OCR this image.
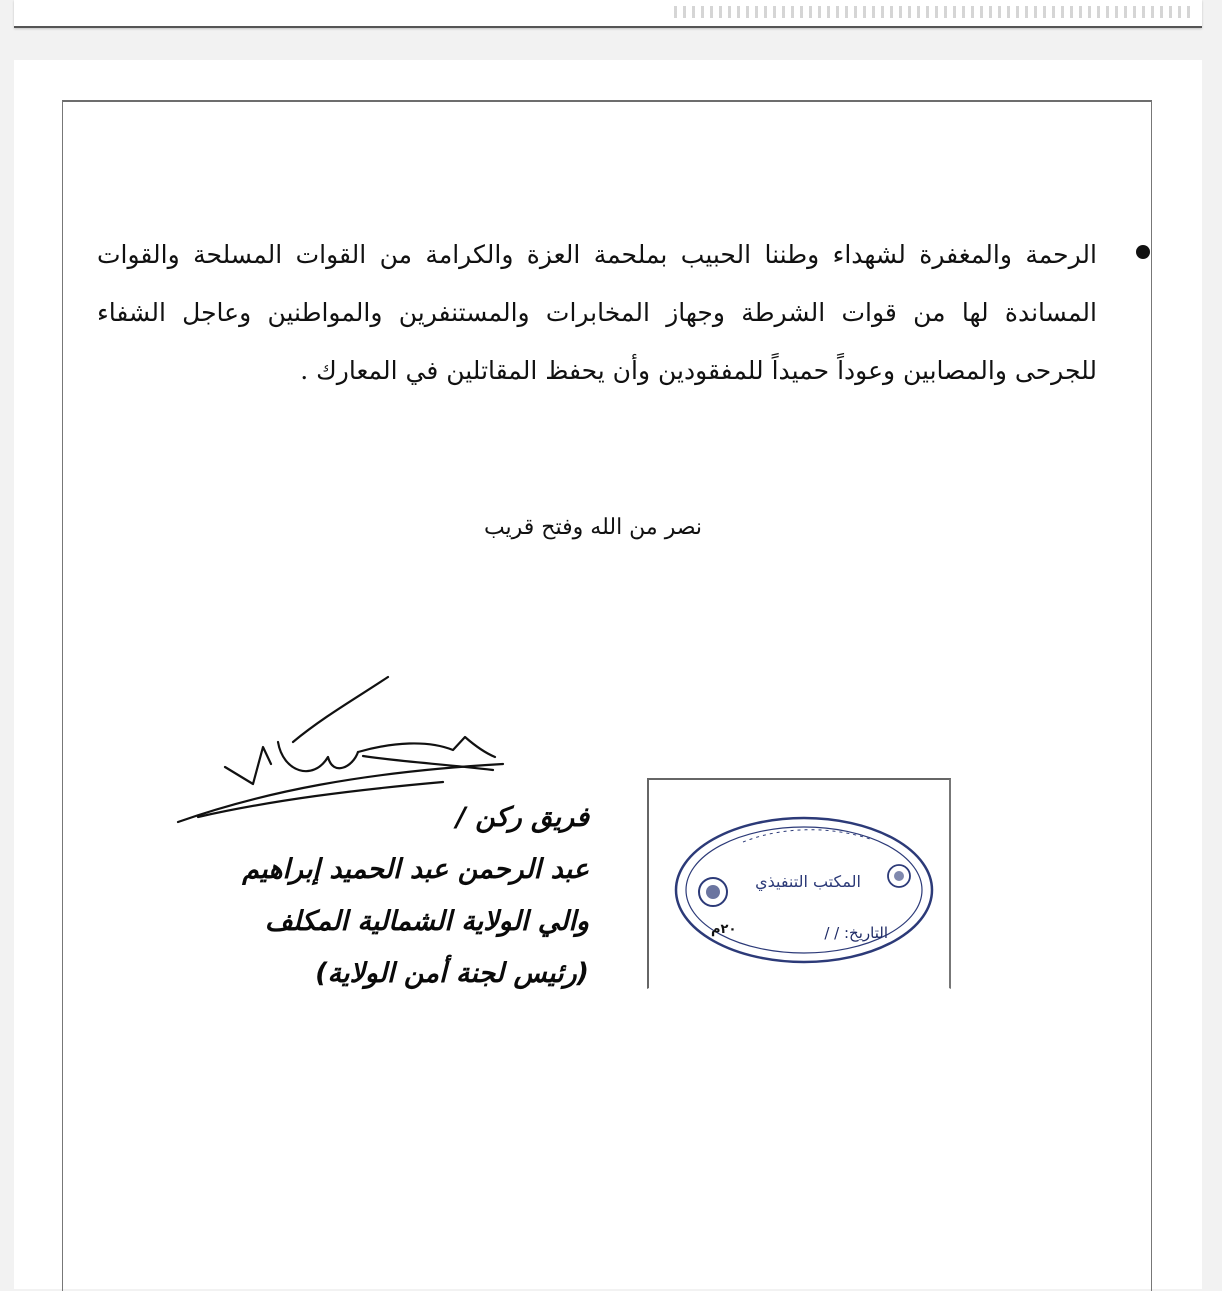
الرحمة والمغفرة لشهداء وطننا الحبيب بملحمة العزة والكرامة من القوات المسلحة والقوات المساندة لها من قوات الشرطة وجهاز المخابرات والمستنفرين والمواطنين وعاجل الشفاء للجرحى والمصابين وعوداً حميداً للمفقودين وأن يحفظ المقاتلين في المعارك .
نصر من الله وفتح قريب
المكتب التنفيذي
التاريخ: / /
٢٠م
فريق ركن /
عبد الرحمن عبد الحميد إبراهيم
والي الولاية الشمالية المكلف
(رئيس لجنة أمن الولاية)
